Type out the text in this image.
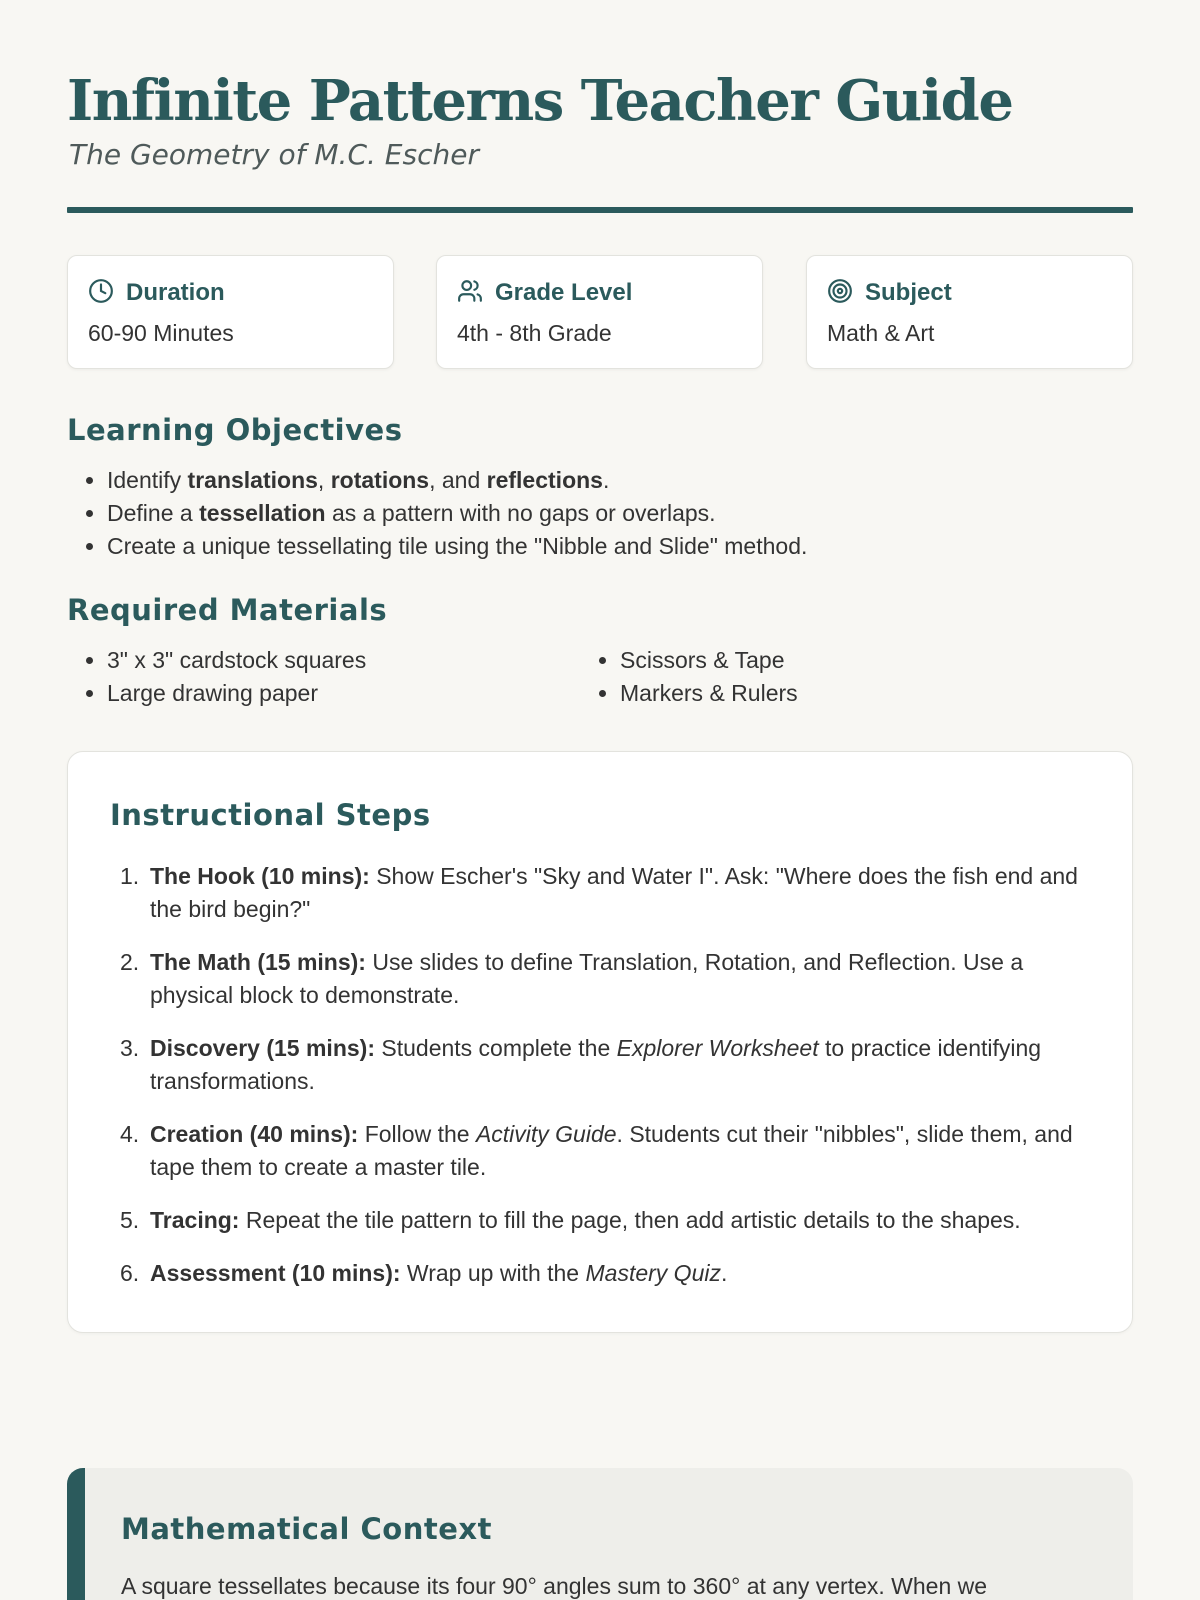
Infinite Patterns Teacher Guide
The Geometry of M.C. Escher
Duration
60-90 Minutes
Grade Level
4th - 8th Grade
Subject
Math & Art
Learning Objectives
• Identify translations, rotations, and reflections.
• Define a tessellation as a pattern with no gaps or overlaps.
• Create a unique tessellating tile using the "Nibble and Slide" method.
Required Materials
• 3" x 3" cardstock squares
• Large drawing paper
• Scissors & Tape
• Markers & Rulers
Instructional Steps
1. The Hook (10 mins): Show Escher's "Sky and Water I". Ask: "Where does the fish end and the bird begin?"
2. The Math (15 mins): Use slides to define Translation, Rotation, and Reflection. Use a physical block to demonstrate.
3. Discovery (15 mins): Students complete the Explorer Worksheet to practice identifying transformations.
4. Creation (40 mins): Follow the Activity Guide. Students cut their "nibbles", slide them, and tape them to create a master tile.
5. Tracing: Repeat the tile pattern to fill the page, then add artistic details to the shapes.
6. Assessment (10 mins): Wrap up with the Mastery Quiz.
Mathematical Context

A square tessellates because its four 90° angles sum to 360° at any vertex. When we
